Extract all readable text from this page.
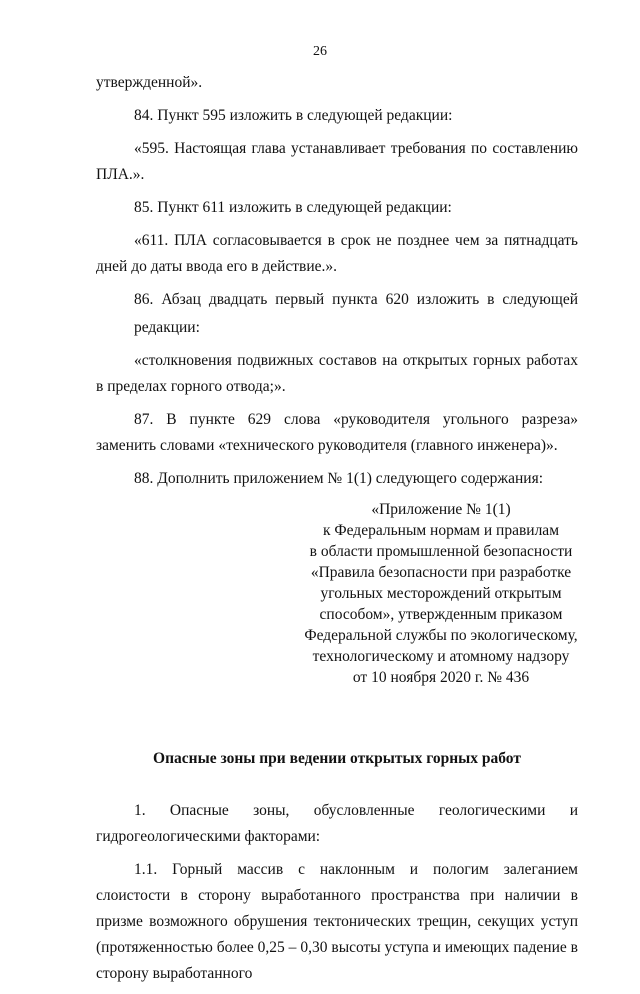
26

утвержденной».

84. Пункт 595 изложить в следующей редакции:

«595. Настоящая глава устанавливает требования по составлению ПЛА.».

85. Пункт 611 изложить в следующей редакции:

«611. ПЛА согласовывается в срок не позднее чем за пятнадцать дней до даты ввода его в действие.».

86. Абзац двадцать первый пункта 620 изложить в следующей

редакции:

«столкновения подвижных составов на открытых горных работах в пределах горного отвода;».

87. В пункте 629 слова «руководителя угольного разреза» заменить словами «технического руководителя (главного инженера)».

88. Дополнить приложением № 1(1) следующего содержания:

«Приложение № 1(1)
к Федеральным нормам и правилам
в области промышленной безопасности
«Правила безопасности при разработке
угольных месторождений открытым
способом», утвержденным приказом
Федеральной службы по экологическому,
технологическому и атомному надзору
от 10 ноября 2020 г. № 436
Опасные зоны при ведении открытых горных работ

1. Опасные зоны, обусловленные геологическими и гидрогеологическими факторами:

1.1. Горный массив с наклонным и пологим залеганием слоистости в сторону выработанного пространства при наличии в призме возможного обрушения тектонических трещин, секущих уступ (протяженностью более 0,25 – 0,30 высоты уступа и имеющих падение в сторону выработанного
